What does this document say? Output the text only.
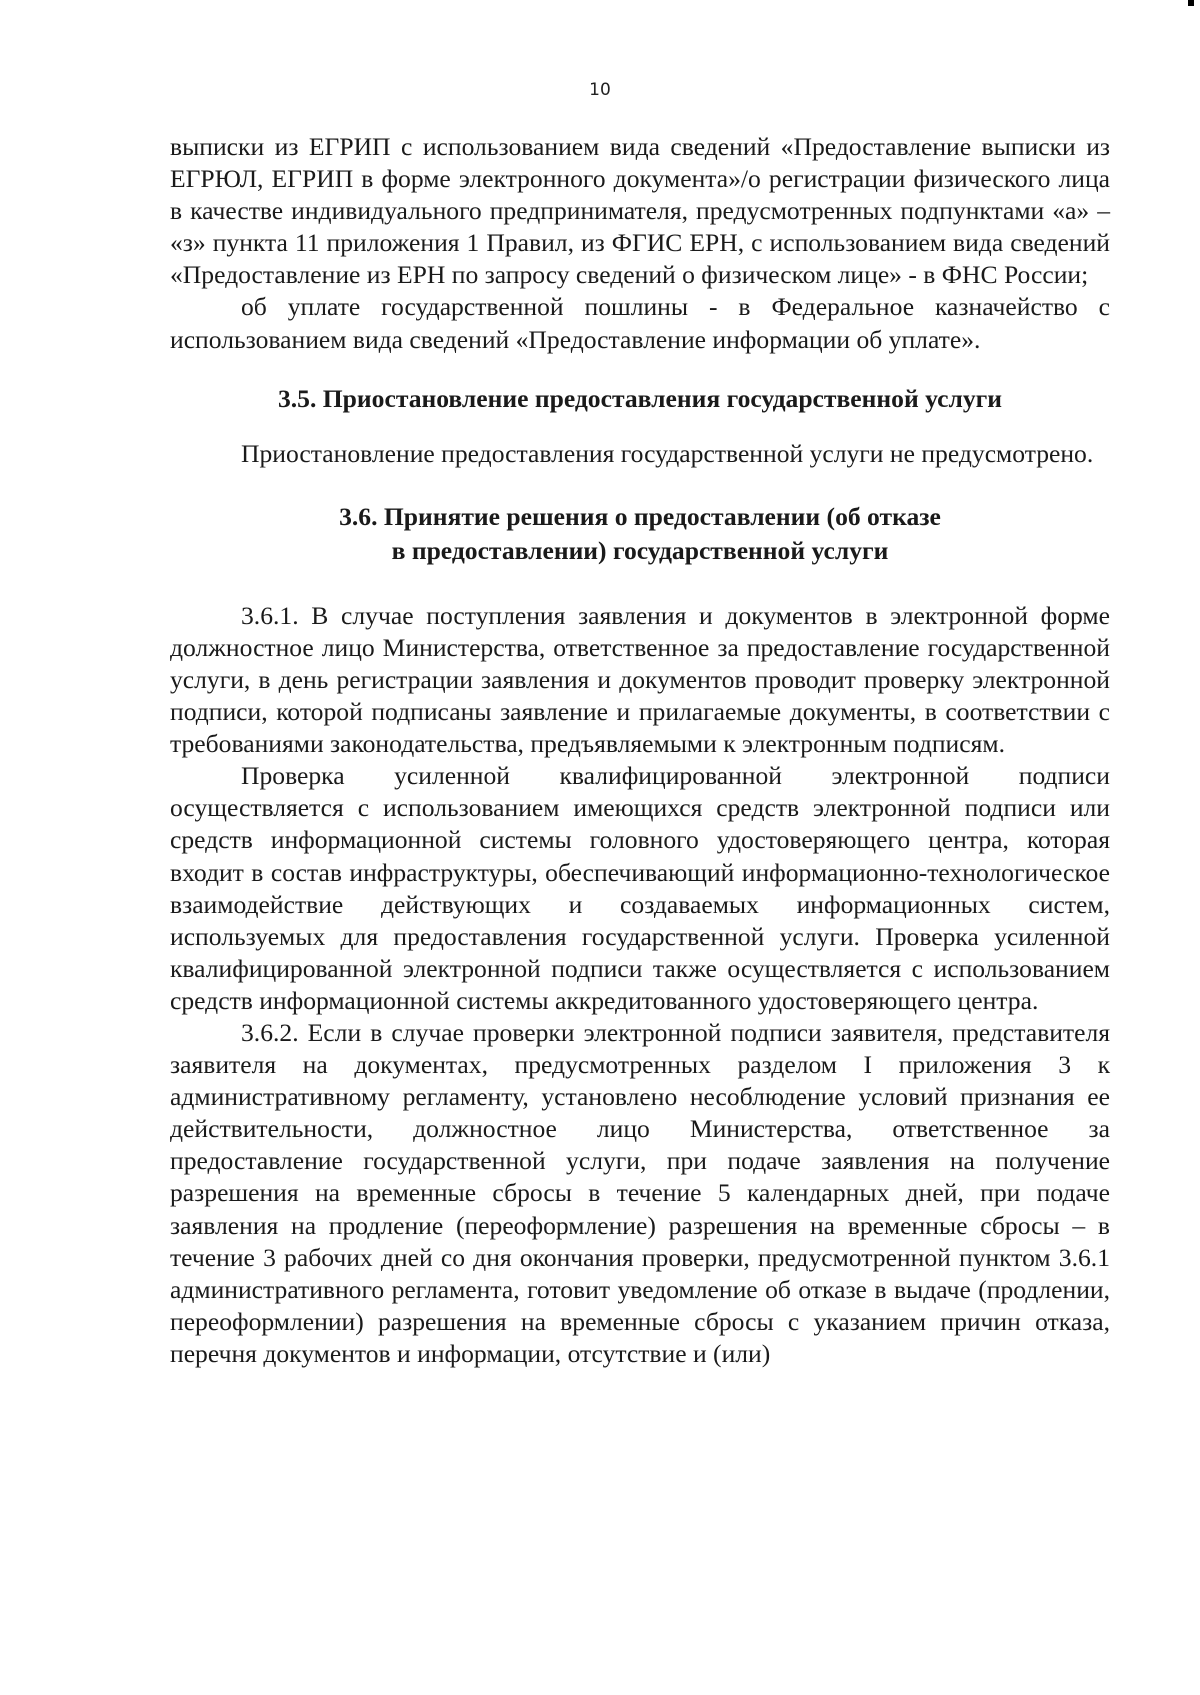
10

выписки из ЕГРИП с использованием вида сведений «Предоставление выписки из ЕГРЮЛ, ЕГРИП в форме электронного документа»/о регистрации физического лица в качестве индивидуального предпринимателя, предусмотренных подпунктами «а» – «з» пункта 11 приложения 1 Правил, из ФГИС ЕРН, с использованием вида сведений «Предоставление из ЕРН по запросу сведений о физическом лице» - в ФНС России;

об уплате государственной пошлины - в Федеральное казначейство с использованием вида сведений «Предоставление информации об уплате».

3.5. Приостановление предоставления государственной услуги

Приостановление предоставления государственной услуги не предусмотрено.

3.6. Принятие решения о предоставлении (об отказе
в предоставлении) государственной услуги

3.6.1. В случае поступления заявления и документов в электронной форме должностное лицо Министерства, ответственное за предоставление государственной услуги, в день регистрации заявления и документов проводит проверку электронной подписи, которой подписаны заявление и прилагаемые документы, в соответствии с требованиями законодательства, предъявляемыми к электронным подписям.

Проверка усиленной квалифицированной электронной подписи осуществляется с использованием имеющихся средств электронной подписи или средств информационной системы головного удостоверяющего центра, которая входит в состав инфраструктуры, обеспечивающий информационно-технологическое взаимодействие действующих и создаваемых информационных систем, используемых для предоставления государственной услуги. Проверка усиленной квалифицированной электронной подписи также осуществляется с использованием средств информационной системы аккредитованного удостоверяющего центра.

3.6.2. Если в случае проверки электронной подписи заявителя, представителя заявителя на документах, предусмотренных разделом I приложения 3 к административному регламенту, установлено несоблюдение условий признания ее действительности, должностное лицо Министерства, ответственное за предоставление государственной услуги, при подаче заявления на получение разрешения на временные сбросы в течение 5 календарных дней, при подаче заявления на продление (переоформление) разрешения на временные сбросы – в течение 3 рабочих дней со дня окончания проверки, предусмотренной пунктом 3.6.1 административного регламента, готовит уведомление об отказе в выдаче (продлении, переоформлении) разрешения на временные сбросы с указанием причин отказа, перечня документов и информации, отсутствие и (или)
